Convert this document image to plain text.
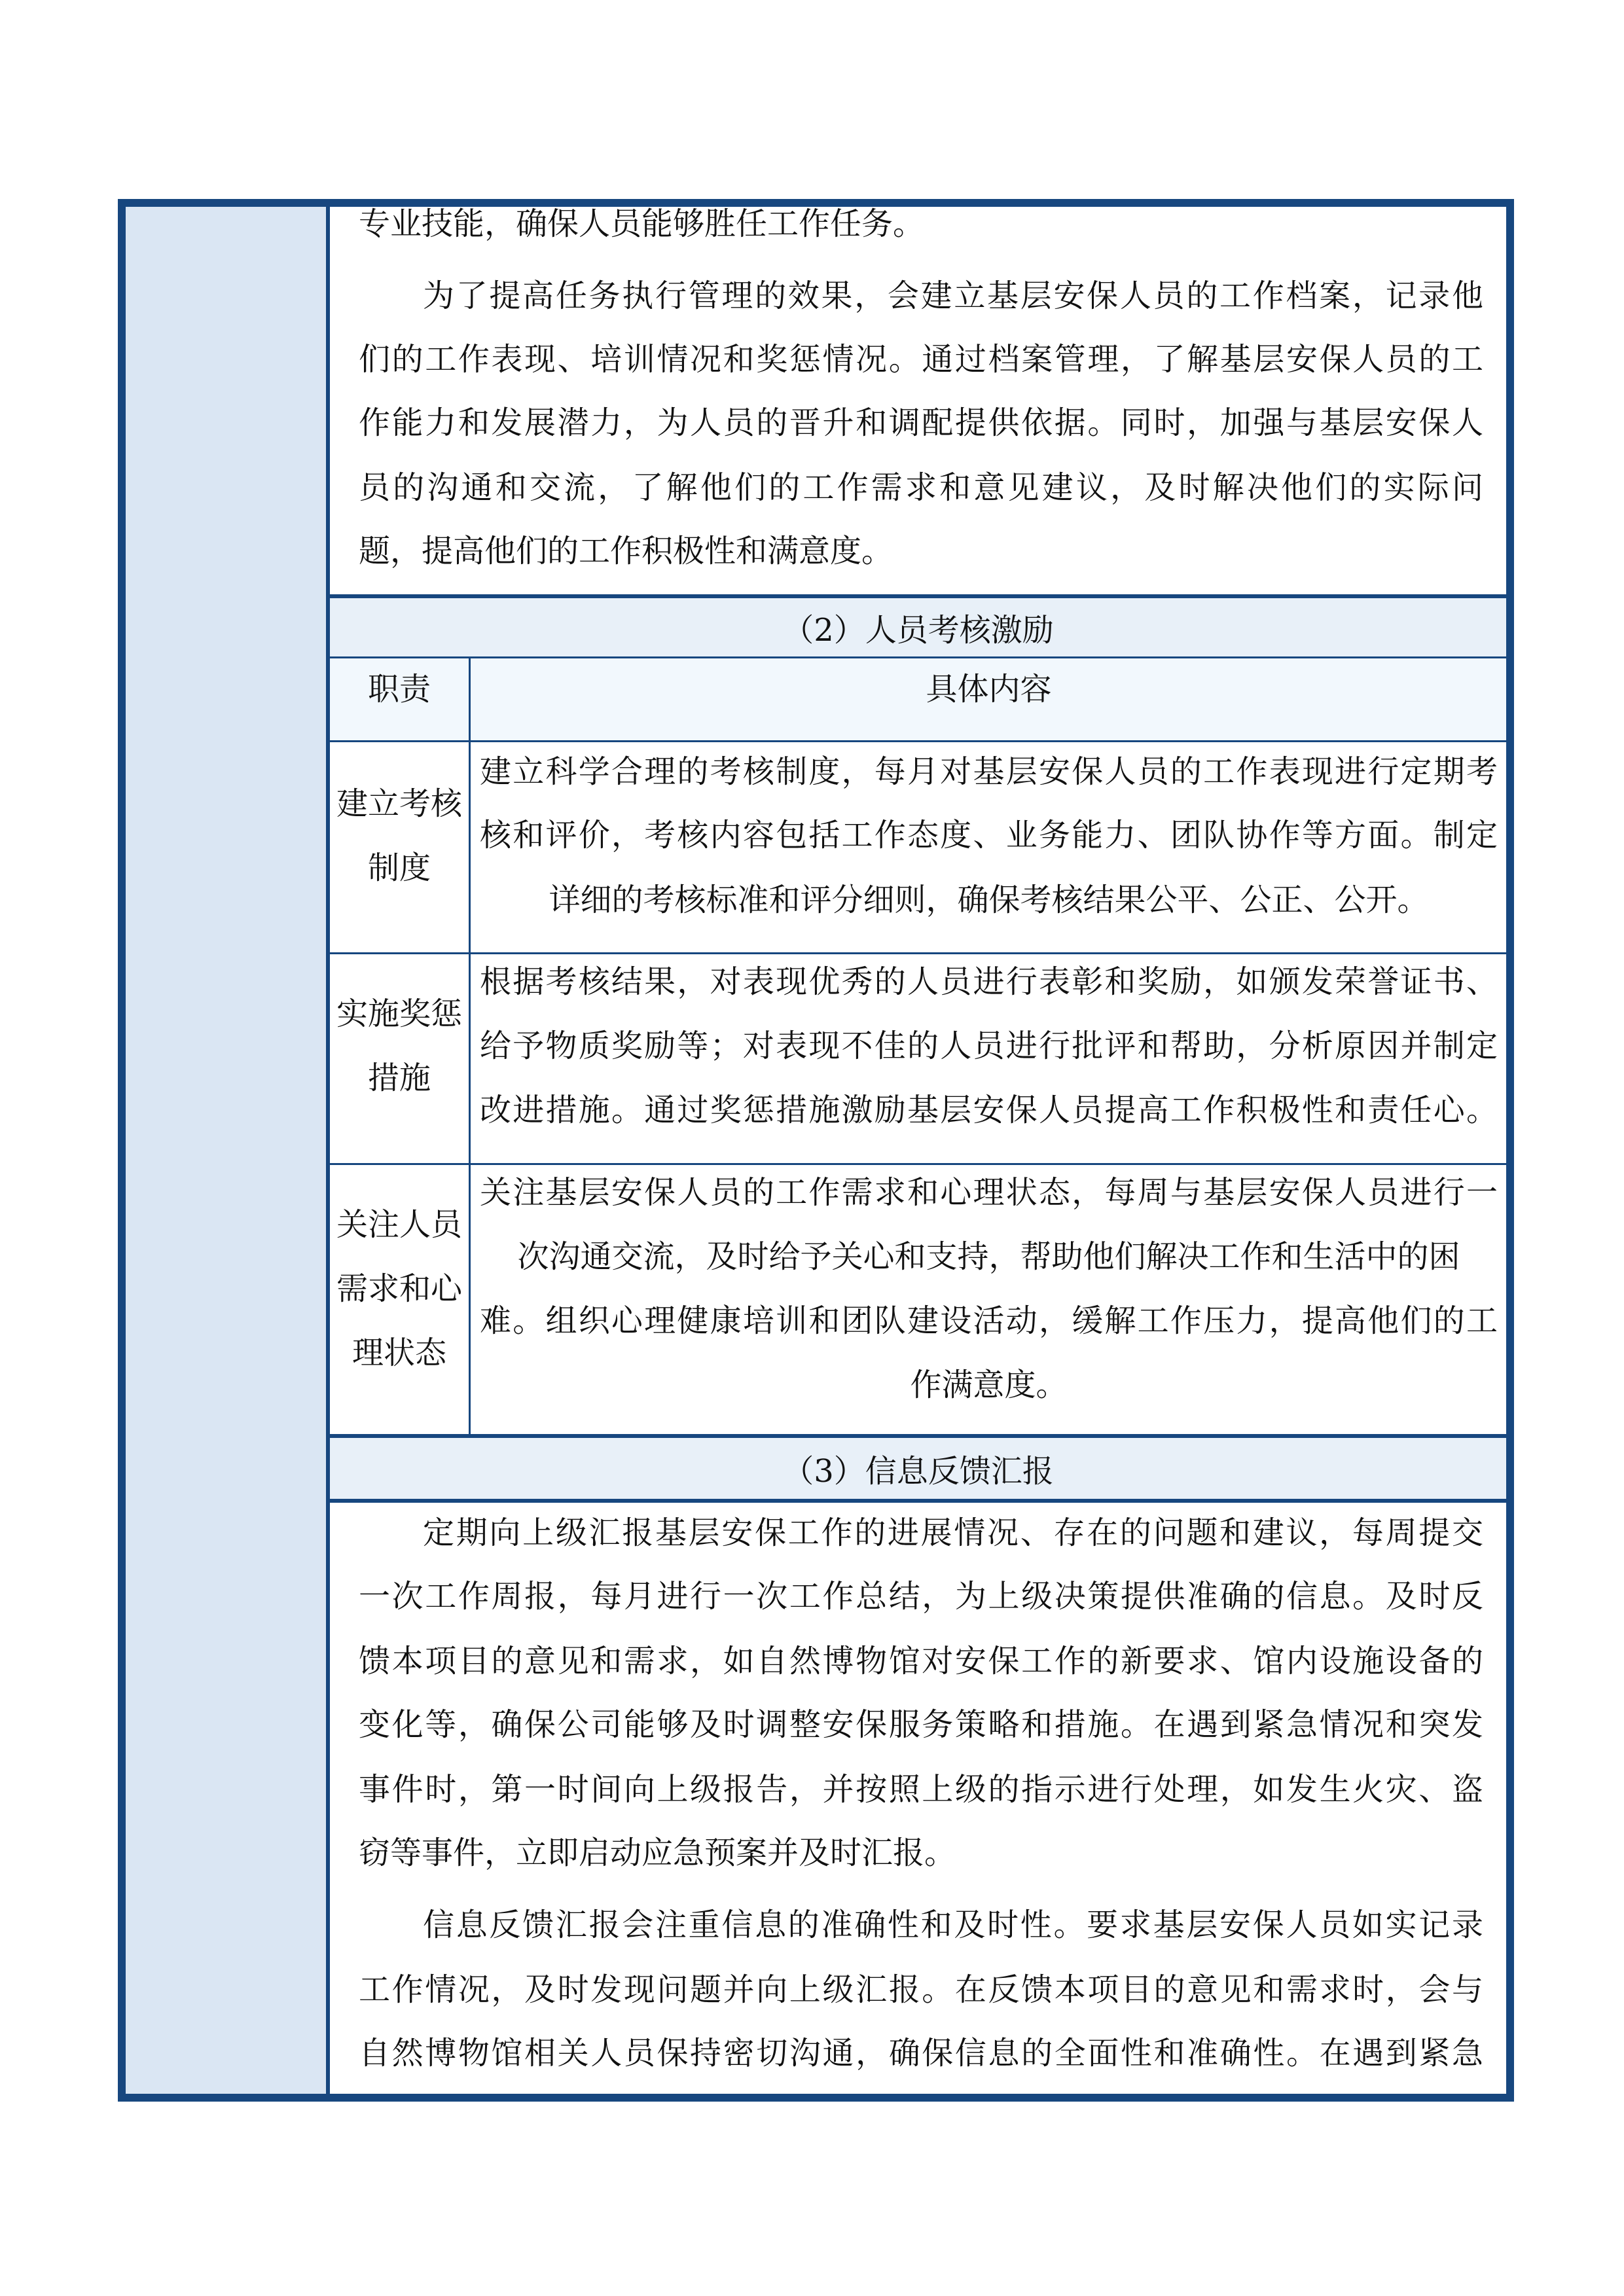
专业技能，确保人员能够胜任工作任务。
为了提高任务执行管理的效果，会建立基层安保人员的工作档案，记录他
们的工作表现、培训情况和奖惩情况。通过档案管理，了解基层安保人员的工
作能力和发展潜力，为人员的晋升和调配提供依据。同时，加强与基层安保人
员的沟通和交流，了解他们的工作需求和意见建议，及时解决他们的实际问
题，提高他们的工作积极性和满意度。
（2）人员考核激励
职责	具体内容
建立考核
制度
建立科学合理的考核制度，每月对基层安保人员的工作表现进行定期考
核和评价，考核内容包括工作态度、业务能力、团队协作等方面。制定
详细的考核标准和评分细则，确保考核结果公平、公正、公开。
实施奖惩
措施
根据考核结果，对表现优秀的人员进行表彰和奖励，如颁发荣誉证书、
给予物质奖励等；对表现不佳的人员进行批评和帮助，分析原因并制定
改进措施。通过奖惩措施激励基层安保人员提高工作积极性和责任心。
关注人员
需求和心
理状态
关注基层安保人员的工作需求和心理状态，每周与基层安保人员进行一
次沟通交流，及时给予关心和支持，帮助他们解决工作和生活中的困
难。组织心理健康培训和团队建设活动，缓解工作压力，提高他们的工
作满意度。
（3）信息反馈汇报
定期向上级汇报基层安保工作的进展情况、存在的问题和建议，每周提交
一次工作周报，每月进行一次工作总结，为上级决策提供准确的信息。及时反
馈本项目的意见和需求，如自然博物馆对安保工作的新要求、馆内设施设备的
变化等，确保公司能够及时调整安保服务策略和措施。在遇到紧急情况和突发
事件时，第一时间向上级报告，并按照上级的指示进行处理，如发生火灾、盗
窃等事件，立即启动应急预案并及时汇报。
信息反馈汇报会注重信息的准确性和及时性。要求基层安保人员如实记录
工作情况，及时发现问题并向上级汇报。在反馈本项目的意见和需求时，会与
自然博物馆相关人员保持密切沟通，确保信息的全面性和准确性。在遇到紧急
